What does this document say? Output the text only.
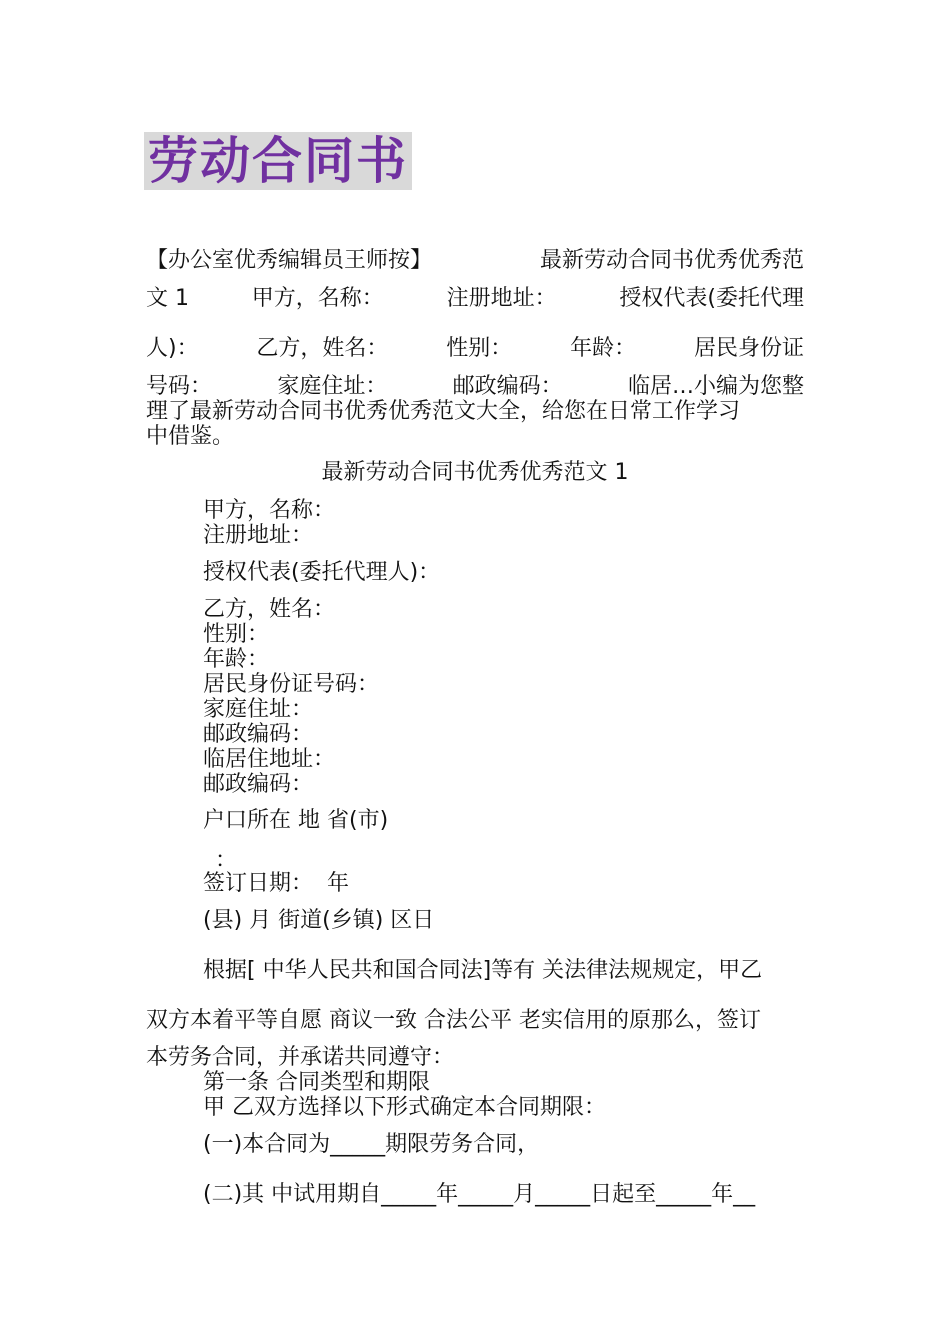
劳动合同书
【办公室优秀编辑员王师按】	最新劳动合同书优秀优秀范
文 1	甲方，名称：	注册地址：	授权代表(委托代理
人)：	乙方，姓名：	性别：	年龄：	居民身份证
号码：	家庭住址：	邮政编码：	临居…小编为您整
理了最新劳动合同书优秀优秀范文大全，给您在日常工作学习
中借鉴。
最新劳动合同书优秀优秀范文 1
甲方，名称：
注册地址：
授权代表(委托代理人)：
乙方，姓名：
性别：
年龄：
居民身份证号码：
家庭住址：
邮政编码：
临居住地址：
邮政编码：
户口所在 地 省(市)
：
签订日期：  年
(县) 月 街道(乡镇) 区日
根据[ 中华人民共和国合同法]等有 关法律法规规定，甲乙
双方本着平等自愿 商议一致 合法公平 老实信用的原那么，签订
本劳务合同，并承诺共同遵守：
第一条 合同类型和期限
甲 乙双方选择以下形式确定本合同期限：
(一)本合同为_____期限劳务合同，
(二)其 中试用期自_____年_____月_____日起至_____年__
